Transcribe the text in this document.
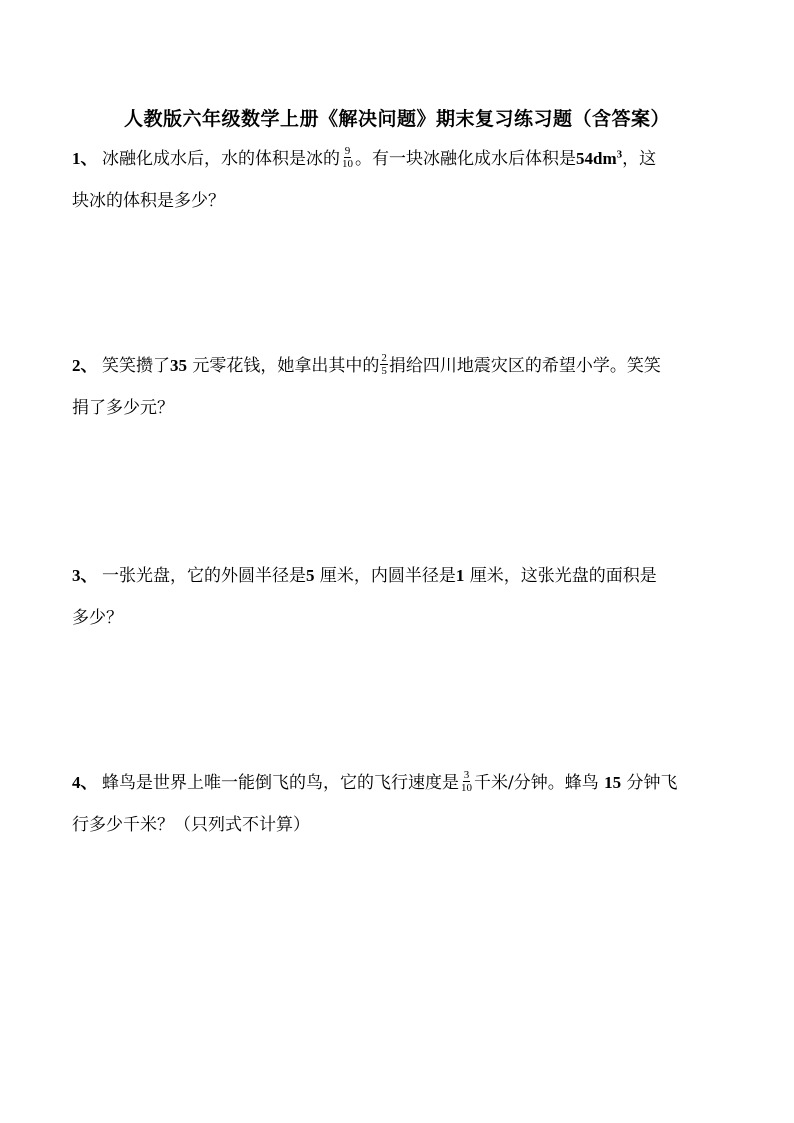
人教版六年级数学上册《解决问题》期末复习练习题（含答案）
1、 冰融化成水后，水的体积是冰的 $\frac{9}{10}$ 。有一块冰融化成水后体积是$54dm^3$，这
块冰的体积是多少？
2、 笑笑攒了35 元零花钱，她拿出其中的 $\frac{2}{5}$ 捐给四川地震灾区的希望小学。笑笑
捐了多少元？
3、 一张光盘，它的外圆半径是5 厘米，内圆半径是1 厘米，这张光盘的面积是
多少？
4、 蜂鸟是世界上唯一能倒飞的鸟，它的飞行速度是 $\frac{3}{10}$ 千米/分钟。蜂鸟 15 分钟飞
行多少千米？（只列式不计算）
